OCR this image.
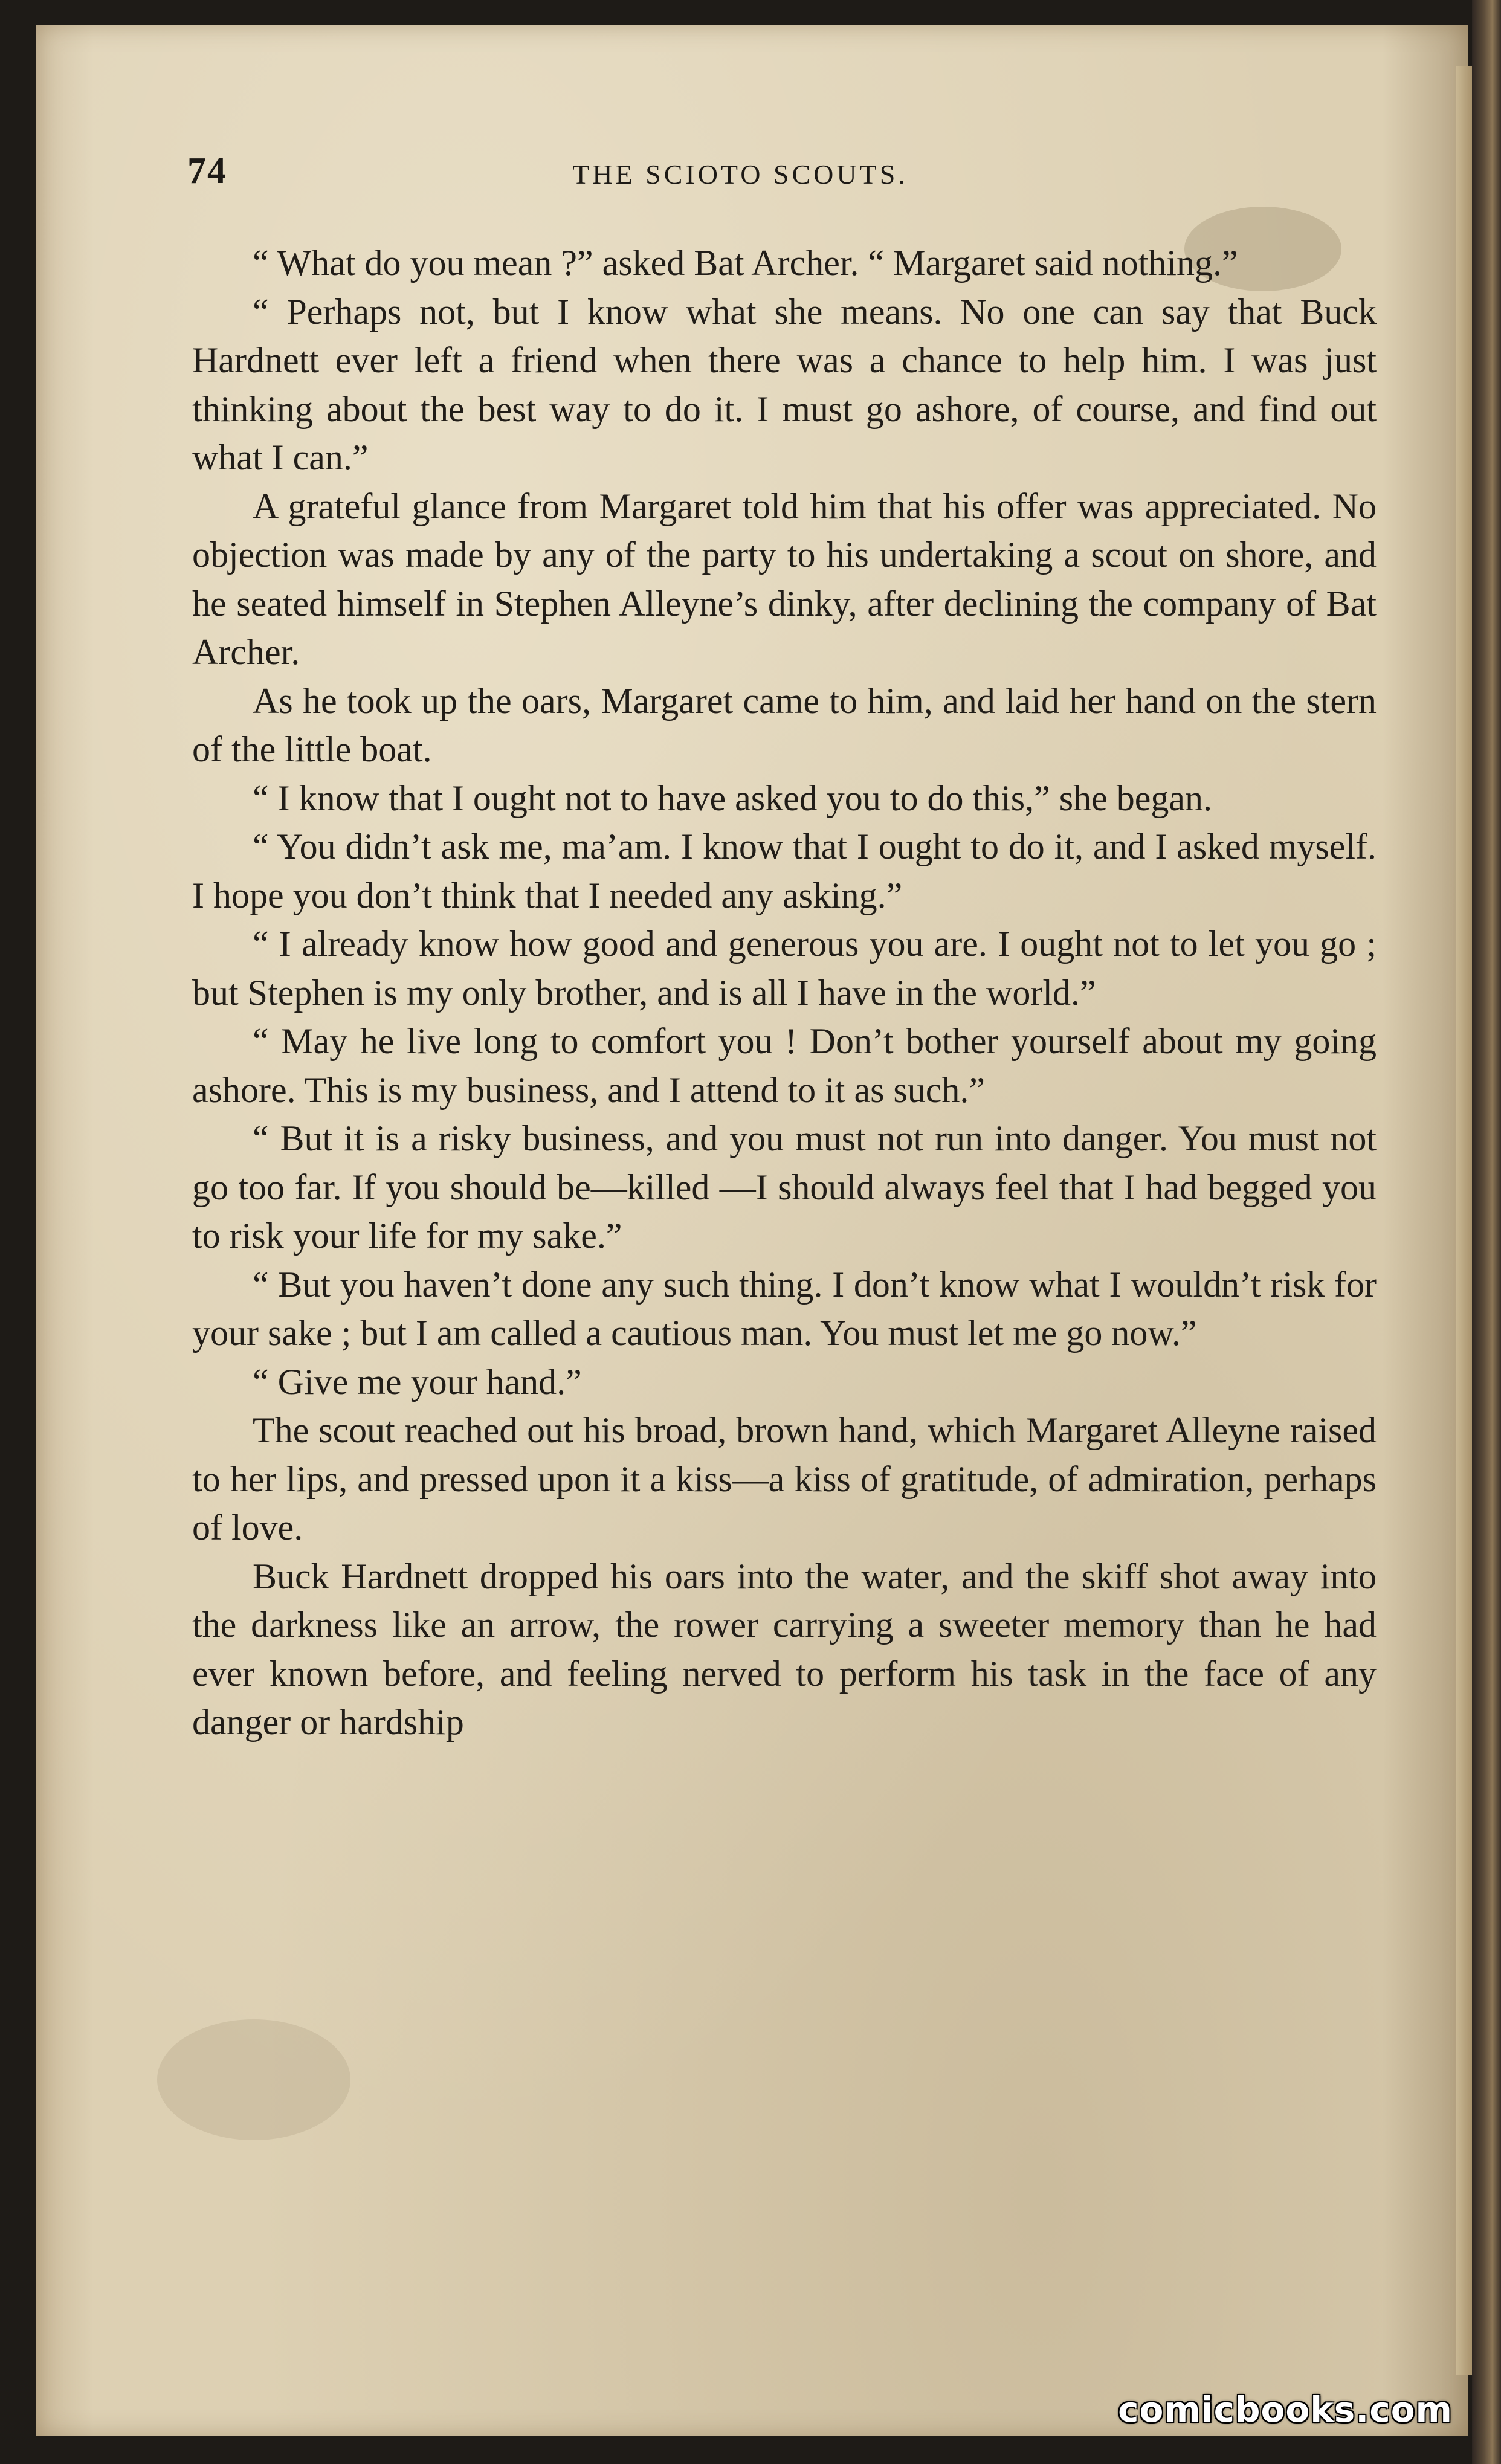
74	THE SCIOTO SCOUTS.

“ What do you mean ?” asked Bat Archer. “ Margaret said nothing.”

“ Perhaps not, but I know what she means. No one can say that Buck Hardnett ever left a friend when there was a chance to help him. I was just thinking about the best way to do it. I must go ashore, of course, and find out what I can.”

A grateful glance from Margaret told him that his offer was appreciated. No objection was made by any of the party to his undertaking a scout on shore, and he seated himself in Stephen Alleyne’s dinky, after declining the company of Bat Archer.

As he took up the oars, Margaret came to him, and laid her hand on the stern of the little boat.

“ I know that I ought not to have asked you to do this,” she began.

“ You didn’t ask me, ma’am. I know that I ought to do it, and I asked myself. I hope you don’t think that I needed any asking.”

“ I already know how good and generous you are. I ought not to let you go ; but Stephen is my only brother, and is all I have in the world.”

“ May he live long to comfort you ! Don’t bother yourself about my going ashore. This is my business, and I attend to it as such.”

“ But it is a risky business, and you must not run into danger. You must not go too far. If you should be—killed —I should always feel that I had begged you to risk your life for my sake.”

“ But you haven’t done any such thing. I don’t know what I wouldn’t risk for your sake ; but I am called a cautious man. You must let me go now.”

“ Give me your hand.”

The scout reached out his broad, brown hand, which Margaret Alleyne raised to her lips, and pressed upon it a kiss—a kiss of gratitude, of admiration, perhaps of love.

Buck Hardnett dropped his oars into the water, and the skiff shot away into the darkness like an arrow, the rower carrying a sweeter memory than he had ever known before, and feeling nerved to perform his task in the face of any danger or hardship

comicbooks.com
